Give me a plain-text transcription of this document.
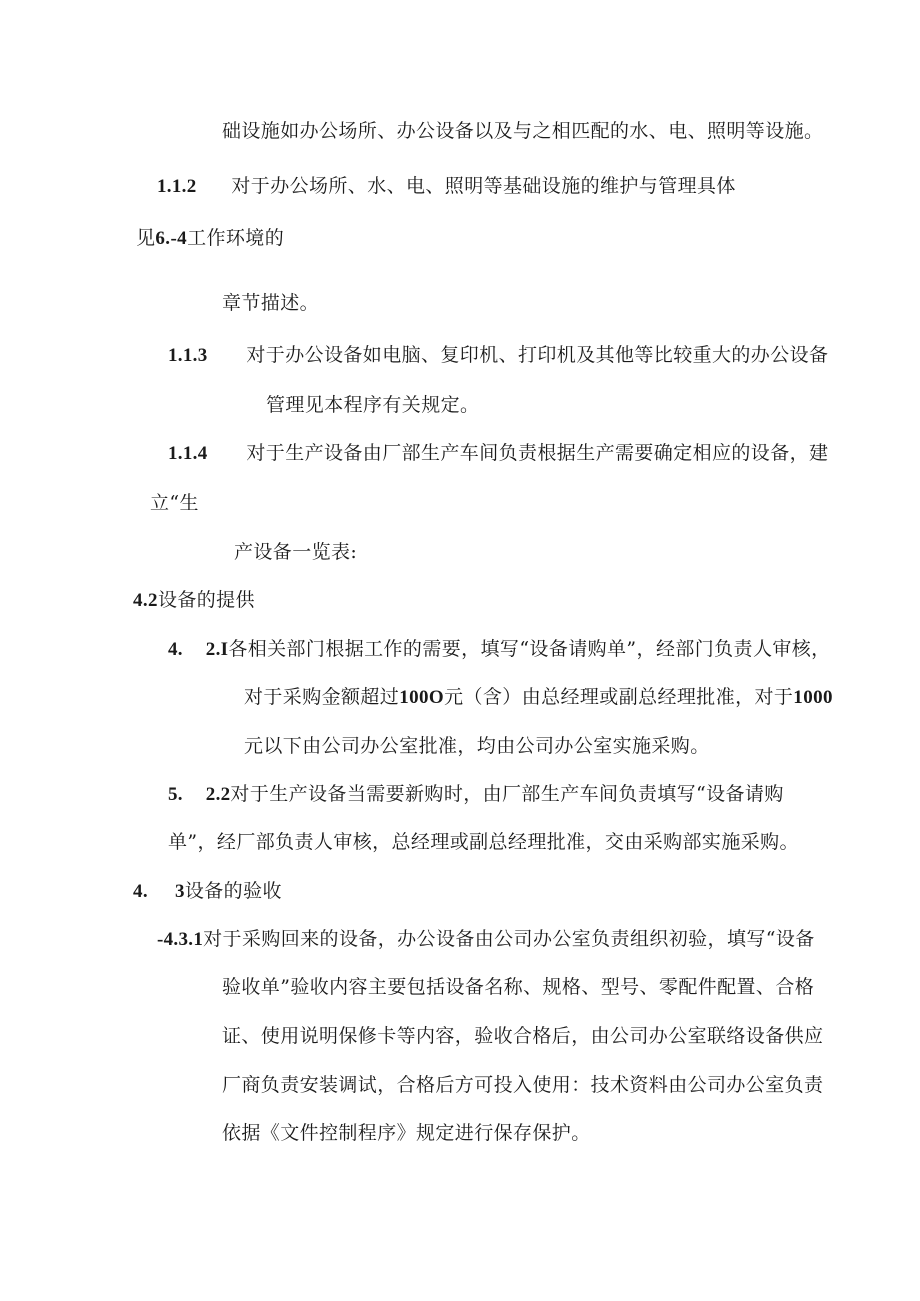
础设施如办公场所、办公设备以及与之相匹配的水、电、照明等设施。
1.1.2 对于办公场所、水、电、照明等基础设施的维护与管理具体
见6.-4工作环境的
章节描述。
1.1.3 对于办公设备如电脑、复印机、打印机及其他等比较重大的办公设备
管理见本程序有关规定。
1.1.4 对于生产设备由厂部生产车间负责根据生产需要确定相应的设备，建
立“生
产设备一览表:
4.2设备的提供
4. 2.I各相关部门根据工作的需要，填写“设备请购单”，经部门负责人审核，
对于采购金额超过100O元（含）由总经理或副总经理批准，对于1000
元以下由公司办公室批准，均由公司办公室实施采购。
5. 2.2对于生产设备当需要新购时，由厂部生产车间负责填写“设备请购
单”，经厂部负责人审核，总经理或副总经理批准，交由采购部实施采购。
4. 3设备的验收
-4.3.1对于采购回来的设备，办公设备由公司办公室负责组织初验，填写“设备
验收单”验收内容主要包括设备名称、规格、型号、零配件配置、合格
证、使用说明保修卡等内容，验收合格后，由公司办公室联络设备供应
厂商负责安装调试，合格后方可投入使用：技术资料由公司办公室负责
依据《文件控制程序》规定进行保存保护。
